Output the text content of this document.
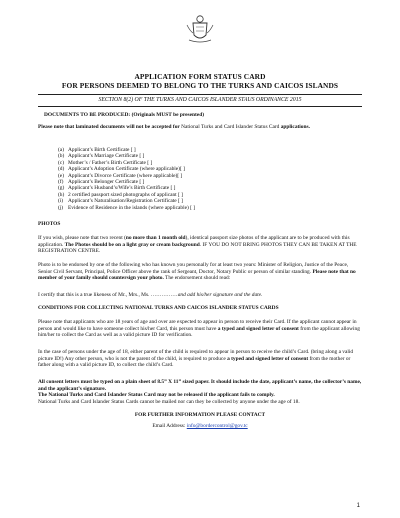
APPLICATION FORM STATUS CARD
FOR PERSONS DEEMED TO BELONG TO THE TURKS AND CAICOS ISLANDS
SECTION 8(2) OF THE TURKS AND CAICOS ISLANDER STAUS ORDINANCE 2015
DOCUMENTS TO BE PRODUCED: (Originals MUST be presented)

Please note that laminated documents will not be accepted for National Turks and Card Islander Status Card applications.

(a) Applicant’s Birth Certificate [ ]
(b) Applicant’s Marriage Certificate [ ]
(c) Mother’s / Father’s Birth Certificate [ ]
(d) Applicant’s Adoption Certificate (where applicable)[ ]
(e) Applicant’s Divorce Certificate (where applicable)[ ]
(f) Applicant’s Belonger Certificate [ ]
(g) Applicant’s Husband’s/Wife’s Birth Certificate [ ]
(h) 2 certified passport sized photographs of applicant [ ]
(i) Applicant’s Naturalisation/Registration Certificate [ ]
(j) Evidence of Residence in the islands (where applicable) [ ]
PHOTOS

If you wish, please note that two recent (no more than 1 month old), identical passport size photos of the applicant are to be produced with this application. The Photos should be on a light gray or cream background. IF YOU DO NOT BRING PHOTOS THEY CAN BE TAKEN AT THE REGISTRATION CENTRE.

Photo is to be endorsed by one of the following who has known you personally for at least two years: Minister of Religion, Justice of the Peace, Senior Civil Servant, Principal, Police Officer above the rank of Sergeant, Doctor, Notary Public or person of similar standing. Please note that no member of your family should countersign your photo. The endorsement should read:

I certify that this is a true likeness of Mr., Mrs., Ms. ……………and add his/her signature and the date.

CONDITIONS FOR COLLECTING NATIONAL TURKS AND CAICOS ISLANDER STATUS CARDS

Please note that applicants who are 18 years of age and over are expected to appear in person to receive their Card. If the applicant cannot appear in person and would like to have someone collect his/her Card, this person must have a typed and signed letter of consent from the applicant allowing him/her to collect the Card as well as a valid picture ID for verification.

In the case of persons under the age of 18, either parent of the child is required to appear in person to receive the child’s Card. (bring along a valid picture ID!) Any other person, who is not the parent of the child, is required to produce a typed and signed letter of consent from the mother or father along with a valid picture ID, to collect the child’s Card.

All consent letters must be typed on a plain sheet of 8.5” X 11” sized paper. It should include the date, applicant’s name, the collector’s name, and the applicant’s signature.

The National Turks and Card Islander Status Card may not be released if the applicant fails to comply.

National Turks and Card Islander Status Cards cannot be mailed nor can they be collected by anyone under the age of 18.

FOR FURTHER INFORMATION PLEASE CONTACT
Email Address: info@bordercontrol@gov.tc
1
